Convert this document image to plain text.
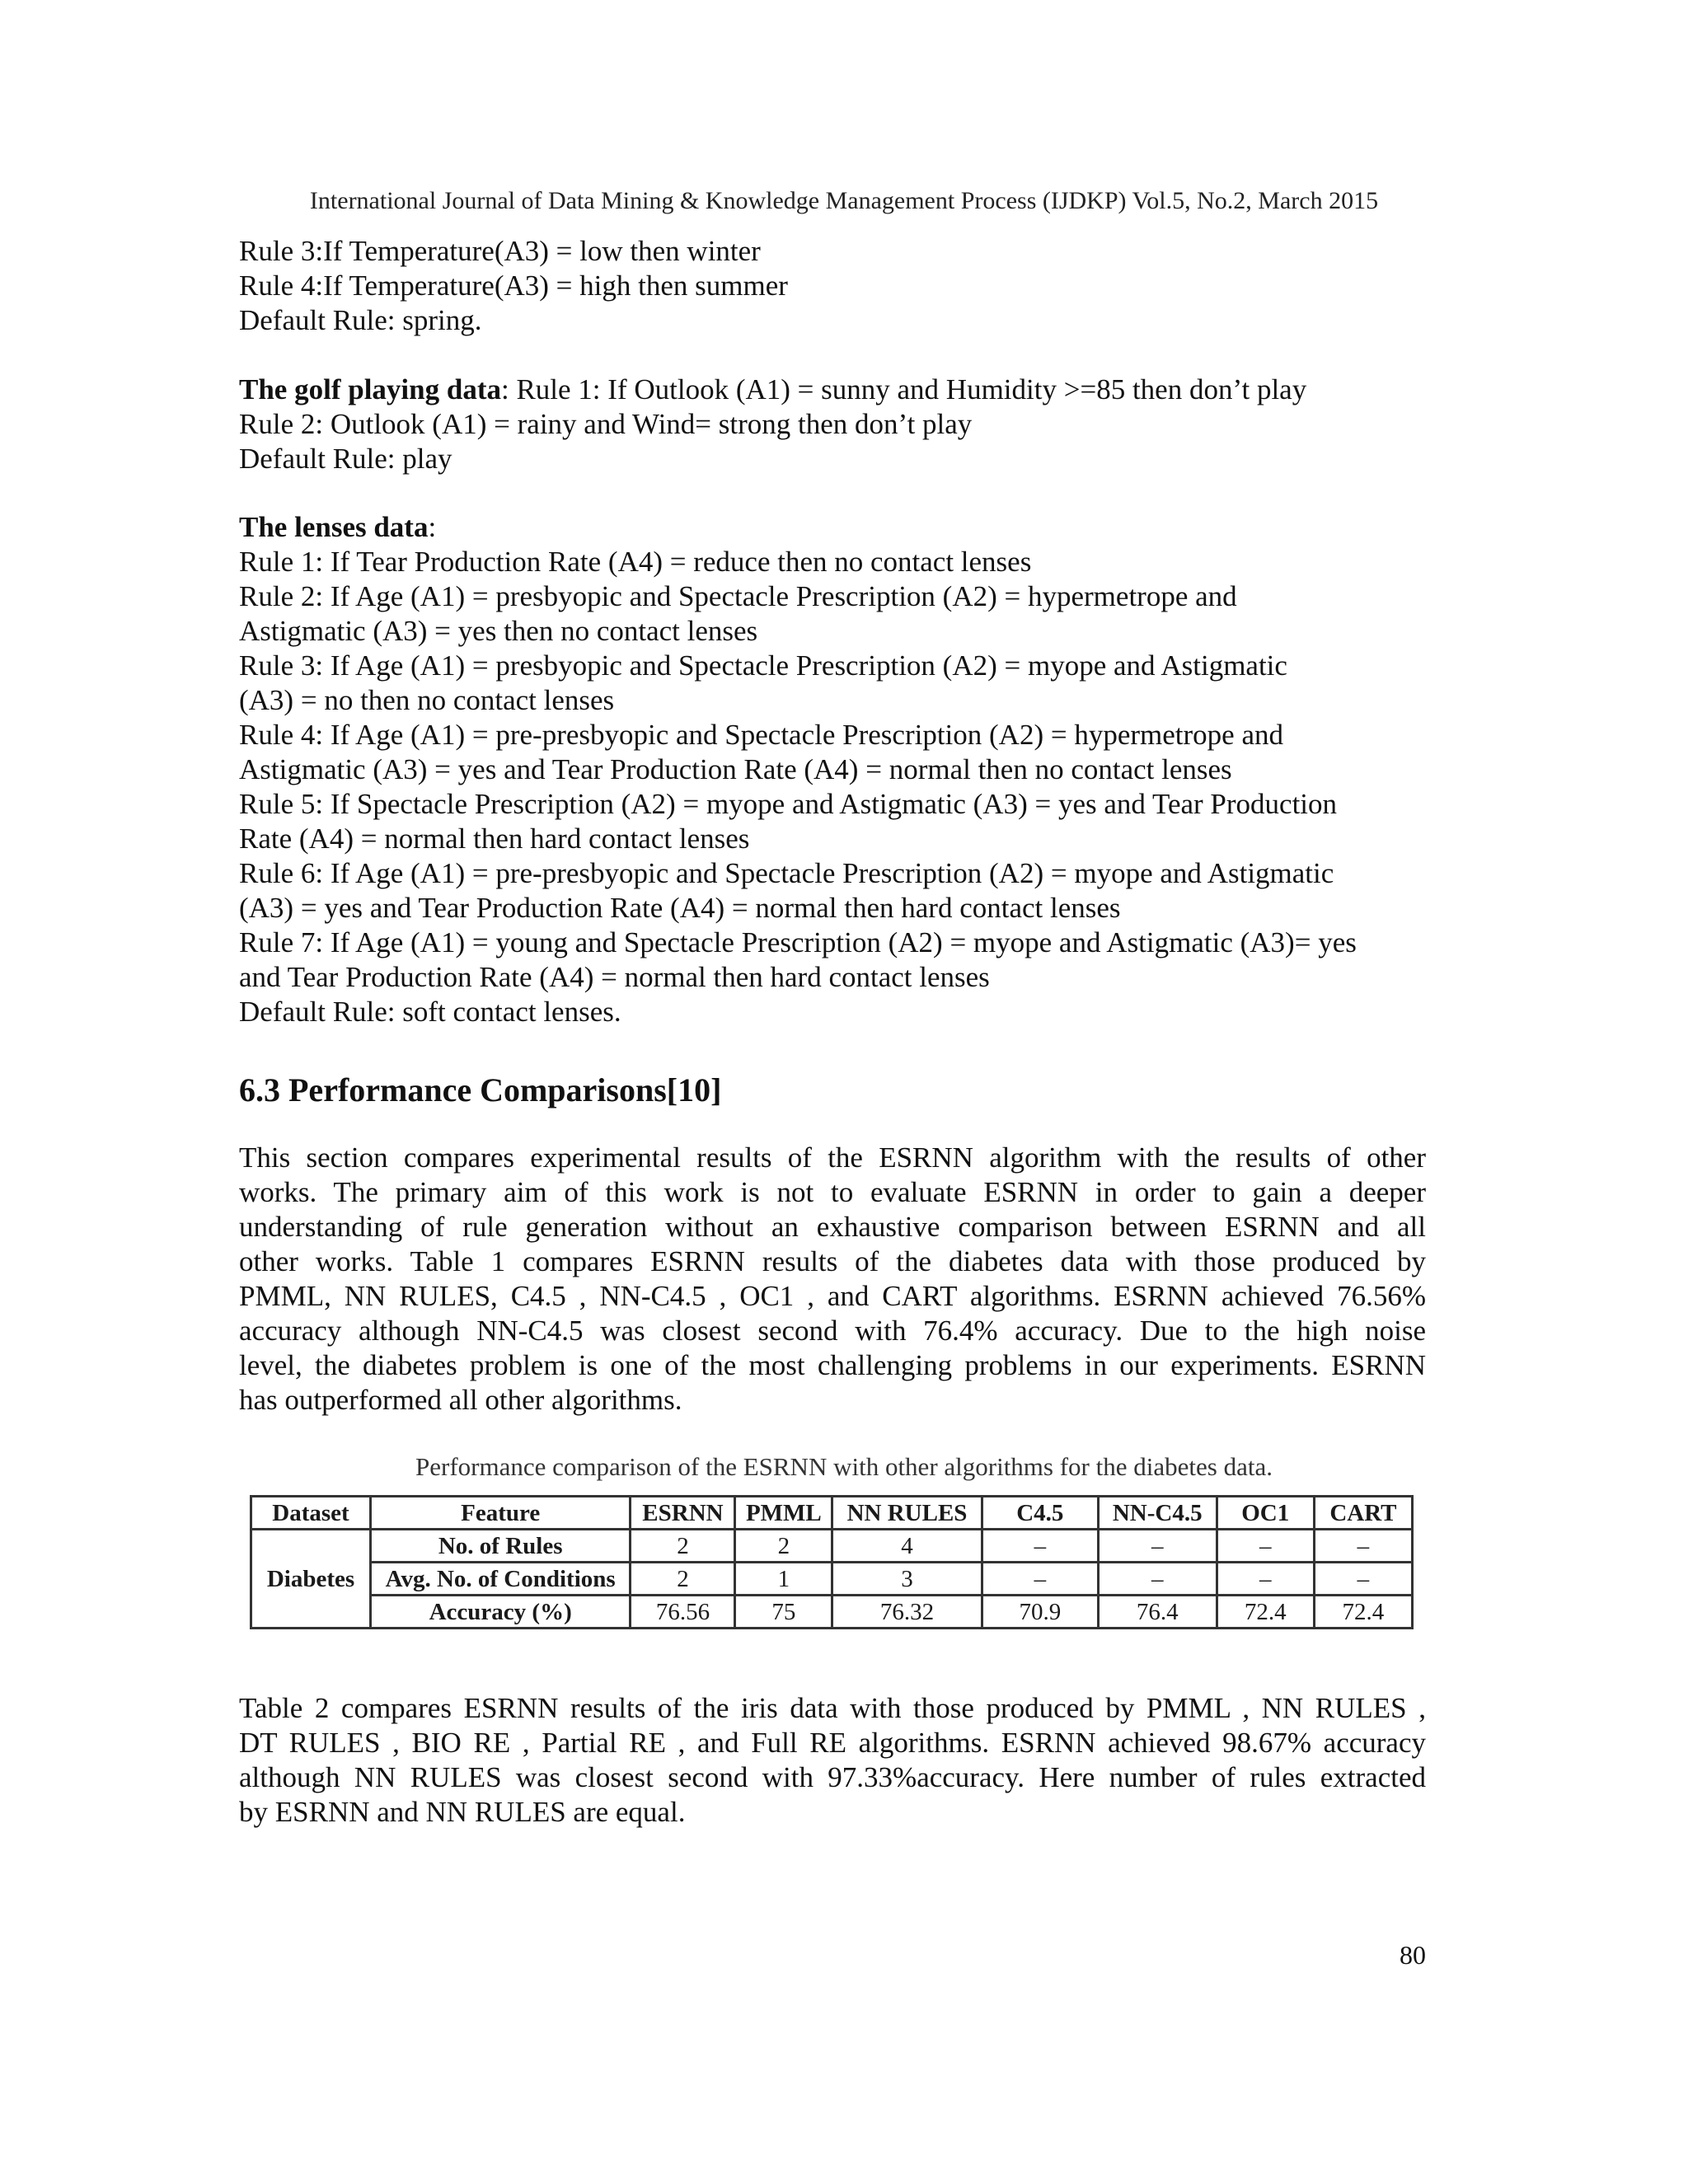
International Journal of Data Mining & Knowledge Management Process (IJDKP) Vol.5, No.2, March 2015
Rule 3:If Temperature(A3) = low then winter
Rule 4:If Temperature(A3) = high then summer
Default Rule: spring.
The golf playing data: Rule 1: If Outlook (A1) = sunny and Humidity >=85 then don’t play
Rule 2: Outlook (A1) = rainy and Wind= strong then don’t play
Default Rule: play
The lenses data:
Rule 1: If Tear Production Rate (A4) = reduce then no contact lenses
Rule 2: If Age (A1) = presbyopic and Spectacle Prescription (A2) = hypermetrope and
Astigmatic (A3) = yes then no contact lenses
Rule 3: If Age (A1) = presbyopic and Spectacle Prescription (A2) = myope and Astigmatic
(A3) = no then no contact lenses
Rule 4: If Age (A1) = pre-presbyopic and Spectacle Prescription (A2) = hypermetrope and
Astigmatic (A3) = yes and Tear Production Rate (A4) = normal then no contact lenses
Rule 5: If Spectacle Prescription (A2) = myope and Astigmatic (A3) = yes and Tear Production
Rate (A4) = normal then hard contact lenses
Rule 6: If Age (A1) = pre-presbyopic and Spectacle Prescription (A2) = myope and Astigmatic
(A3) = yes and Tear Production Rate (A4) = normal then hard contact lenses
Rule 7: If Age (A1) = young and Spectacle Prescription (A2) = myope and Astigmatic (A3)= yes
and Tear Production Rate (A4) = normal then hard contact lenses
Default Rule: soft contact lenses.
6.3 Performance Comparisons[10]
This section compares experimental results of the ESRNN algorithm with the results of other
works. The primary aim of this work is not to evaluate ESRNN in order to gain a deeper
understanding of rule generation without an exhaustive comparison between ESRNN and all
other works. Table 1 compares ESRNN results of the diabetes data with those produced by
PMML, NN RULES, C4.5 , NN-C4.5 , OC1 , and CART algorithms. ESRNN achieved 76.56%
accuracy although NN-C4.5 was closest second with 76.4% accuracy. Due to the high noise
level, the diabetes problem is one of the most challenging problems in our experiments. ESRNN
has outperformed all other algorithms.
Performance comparison of the ESRNN with other algorithms for the diabetes data.
Dataset	Feature	ESRNN	PMML	NN RULES	C4.5	NN-C4.5	OC1	CART
Diabetes	No. of Rules	2	2	4	–	–	–	–
	Avg. No. of Conditions	2	1	3	–	–	–	–
	Accuracy (%)	76.56	75	76.32	70.9	76.4	72.4	72.4
Table 2 compares ESRNN results of the iris data with those produced by PMML , NN RULES ,
DT RULES , BIO RE , Partial RE , and Full RE algorithms. ESRNN achieved 98.67% accuracy
although NN RULES was closest second with 97.33%accuracy. Here number of rules extracted
by ESRNN and NN RULES are equal.
80
